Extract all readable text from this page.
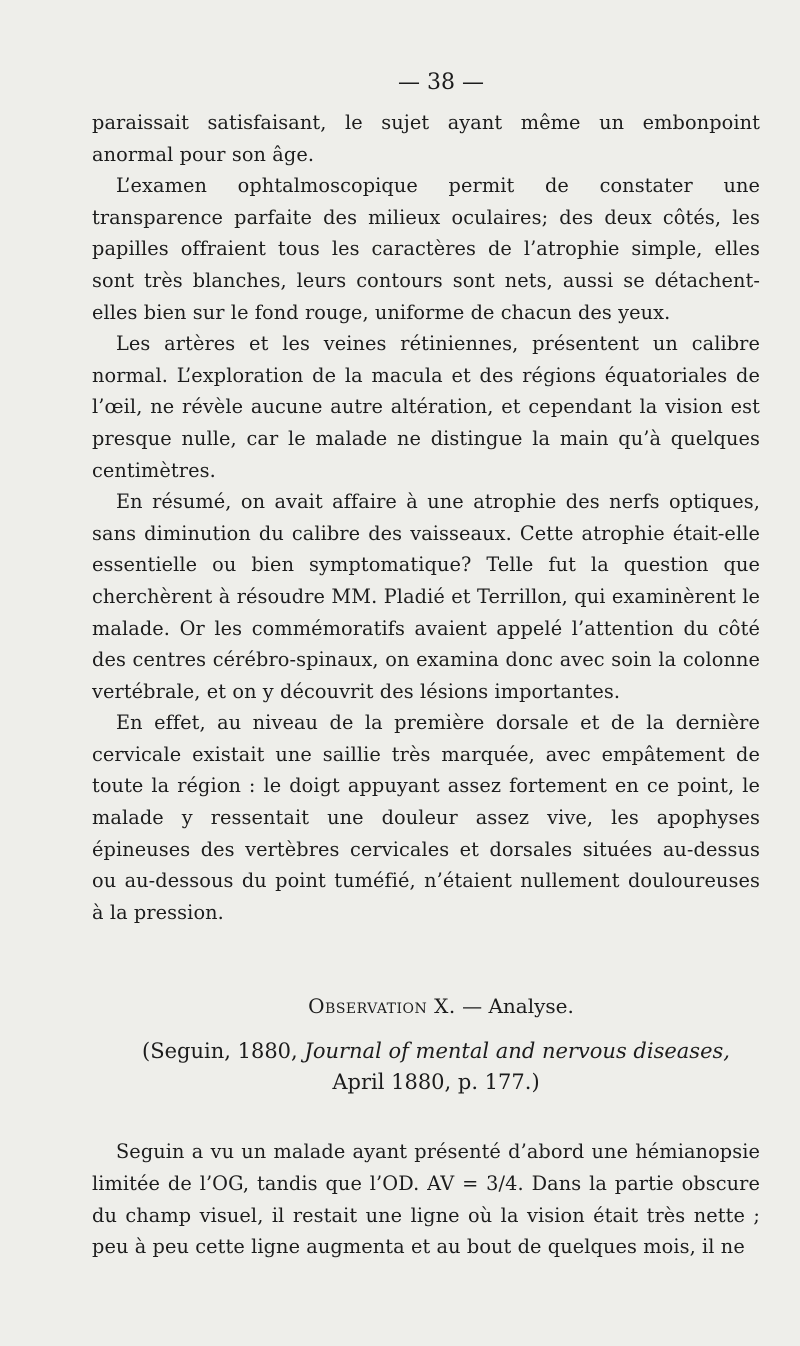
— 38 —

paraissait satisfaisant, le sujet ayant même un embonpoint anormal pour son âge.

L’examen ophtalmoscopique permit de constater une transparence parfaite des milieux oculaires; des deux côtés, les papilles offraient tous les caractères de l’atrophie simple, elles sont très blanches, leurs contours sont nets, aussi se détachent-elles bien sur le fond rouge, uniforme de chacun des yeux.

Les artères et les veines rétiniennes, présentent un calibre normal. L’exploration de la macula et des régions équatoriales de l’œil, ne révèle aucune autre altération, et cependant la vision est presque nulle, car le malade ne distingue la main qu’à quelques centimètres.

En résumé, on avait affaire à une atrophie des nerfs optiques, sans diminution du calibre des vaisseaux. Cette atrophie était-elle essentielle ou bien symptomatique? Telle fut la question que cherchèrent à résoudre MM. Pladié et Terrillon, qui examinèrent le malade. Or les commémoratifs avaient appelé l’attention du côté des centres cérébro-spinaux, on examina donc avec soin la colonne vertébrale, et on y découvrit des lésions importantes.

En effet, au niveau de la première dorsale et de la dernière cervicale existait une saillie très marquée, avec empâtement de toute la région : le doigt appuyant assez fortement en ce point, le malade y ressentait une douleur assez vive, les apophyses épineuses des vertèbres cervicales et dorsales situées au-dessus ou au-dessous du point tuméfié, n’étaient nullement douloureuses à la pression.

Observation X. — Analyse.
(Seguin, 1880, Journal of mental and nervous diseases,
April 1880, p. 177.)

Seguin a vu un malade ayant présenté d’abord une hémianopsie limitée de l’OG, tandis que l’OD. AV = 3/4. Dans la partie obscure du champ visuel, il restait une ligne où la vision était très nette ; peu à peu cette ligne augmenta et au bout de quelques mois, il ne
